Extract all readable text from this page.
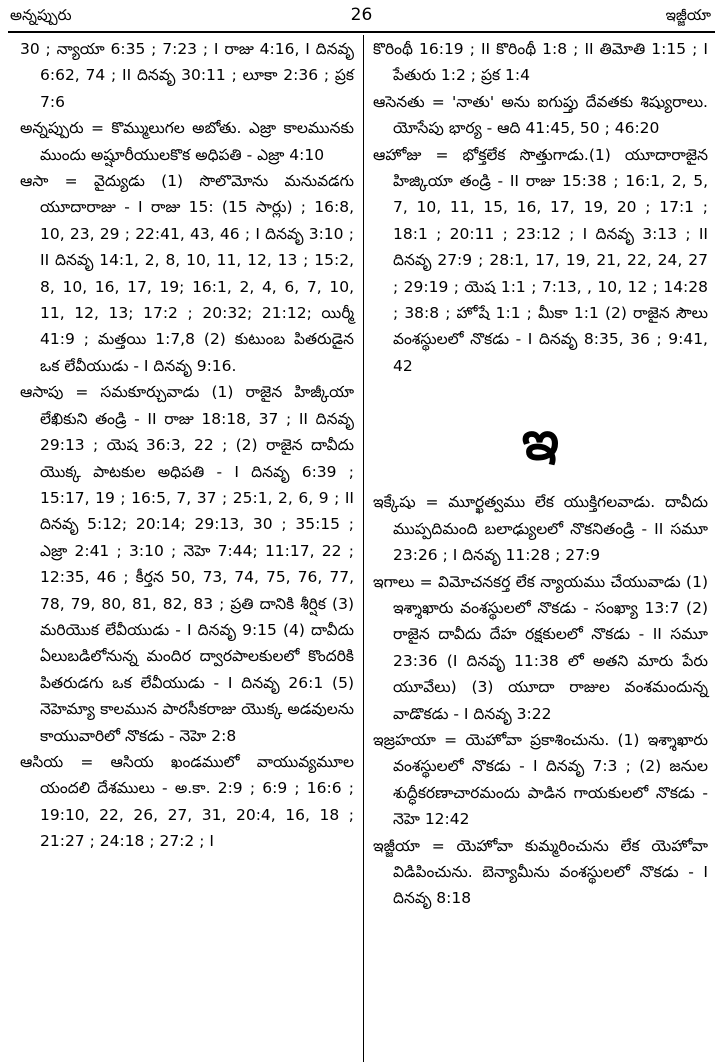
అన్నప్పురు	26	ఇజ్జీయా

30 ; న్యాయా 6:35 ; 7:23 ; I రాజు 4:16, I దినవృ 6:62, 74 ; II దినవృ 30:11 ; లూకా 2:36 ; ప్రక 7:6

అన్నప్పురు = కొమ్ములుగల అబోతు. ఎజ్రా కాలమునకు ముందు అష్షూరీయులకొక అధిపతి - ఎజ్రా 4:10

ఆసా = వైద్యుడు (1) సొలొమోను మనువడగు యూదారాజు - I రాజు 15: (15 సార్లు) ; 16:8, 10, 23, 29 ; 22:41, 43, 46 ; I దినవృ 3:10 ; II దినవృ 14:1, 2, 8, 10, 11, 12, 13 ; 15:2, 8, 10, 16, 17, 19; 16:1, 2, 4, 6, 7, 10, 11, 12, 13; 17:2 ; 20:32; 21:12; యిర్మీ 41:9 ; మత్తయి 1:7,8 (2) కుటుంబ పితరుడైన ఒక లేవీయుడు - I దినవృ 9:16.

ఆసాపు = సమకూర్చువాడు (1) రాజైన హిజ్కీయా లేఖికుని తండ్రి - II రాజు 18:18, 37 ; II దినవృ 29:13 ; యెష 36:3, 22 ; (2) రాజైన దావీదు యొక్క పాటకుల అధిపతి - I దినవృ 6:39 ; 15:17, 19 ; 16:5, 7, 37 ; 25:1, 2, 6, 9 ; II దినవృ 5:12; 20:14; 29:13, 30 ; 35:15 ; ఎజ్రా 2:41 ; 3:10 ; నెహె 7:44; 11:17, 22 ; 12:35, 46 ; కీర్తన 50, 73, 74, 75, 76, 77, 78, 79, 80, 81, 82, 83 ; ప్రతి దానికి శీర్షిక (3) మరియొక లేవీయుడు - I దినవృ 9:15 (4) దావీదు ఏలుబడిలోనున్న మందిర ద్వారపాలకులలో కొందరికి పితరుడగు ఒక లేవీయుడు - I దినవృ 26:1 (5) నెహెమ్యా కాలమున పారసీకరాజు యొక్క అడవులను కాయువారిలో నొకడు - నెహె 2:8

ఆసియ = ఆసియ ఖండములో వాయువ్యమూల యందలి దేశములు - అ.కా. 2:9 ; 6:9 ; 16:6 ; 19:10, 22, 26, 27, 31, 20:4, 16, 18 ; 21:27 ; 24:18 ; 27:2 ; I

కొరింథీ 16:19 ; II కొరింథీ 1:8 ; II తిమోతి 1:15 ; I పేతురు 1:2 ; ప్రక 1:4

ఆసెనతు = 'నాతు' అను ఐగుప్తు దేవతకు శిష్యురాలు. యోసేపు భార్య - ఆది 41:45, 50 ; 46:20

ఆహోజు = భోక్తలేక సొత్తుగాడు.(1) యూదారాజైన హిజ్కియా తండ్రి - II రాజు 15:38 ; 16:1, 2, 5, 7, 10, 11, 15, 16, 17, 19, 20 ; 17:1 ; 18:1 ; 20:11 ; 23:12 ; I దినవృ 3:13 ; II దినవృ 27:9 ; 28:1, 17, 19, 21, 22, 24, 27 ; 29:19 ; యెష 1:1 ; 7:13, , 10, 12 ; 14:28 ; 38:8 ; హోషే 1:1 ; మీకా 1:1 (2) రాజైన సౌలు వంశస్థులలో నొకడు - I దినవృ 8:35, 36 ; 9:41, 42

ఇ

ఇక్కేషు = మూర్ఖత్వము లేక యుక్తిగలవాడు. దావీదు ముప్పదిమంది బలాఢ్యులలో నొకనితండ్రి - II సమూ 23:26 ; I దినవృ 11:28 ; 27:9

ఇగాలు = విమోచనకర్త లేక న్యాయము చేయువాడు (1) ఇశ్శాఖారు వంశస్థులలో నొకడు - సంఖ్యా 13:7 (2) రాజైన దావీదు దేహ రక్షకులలో నొకడు - II సమూ 23:36 (I దినవృ 11:38 లో అతని మారు పేరు యూవేలు) (3) యూదా రాజుల వంశమందున్న వాడొకడు - I దినవృ 3:22

ఇజ్రహయా = యెహోవా ప్రకాశించును. (1) ఇశ్శాఖారు వంశస్థులలో నొకడు - I దినవృ 7:3 ; (2) జనుల శుద్ధీకరణాచారమందు పాడిన గాయకులలో నొకడు - నెహె 12:42

ఇజ్జీయా = యెహోవా కుమ్మరించును లేక యెహోవా విడిపించును. బెన్యామీను వంశస్థులలో నొకడు - I దినవృ 8:18
